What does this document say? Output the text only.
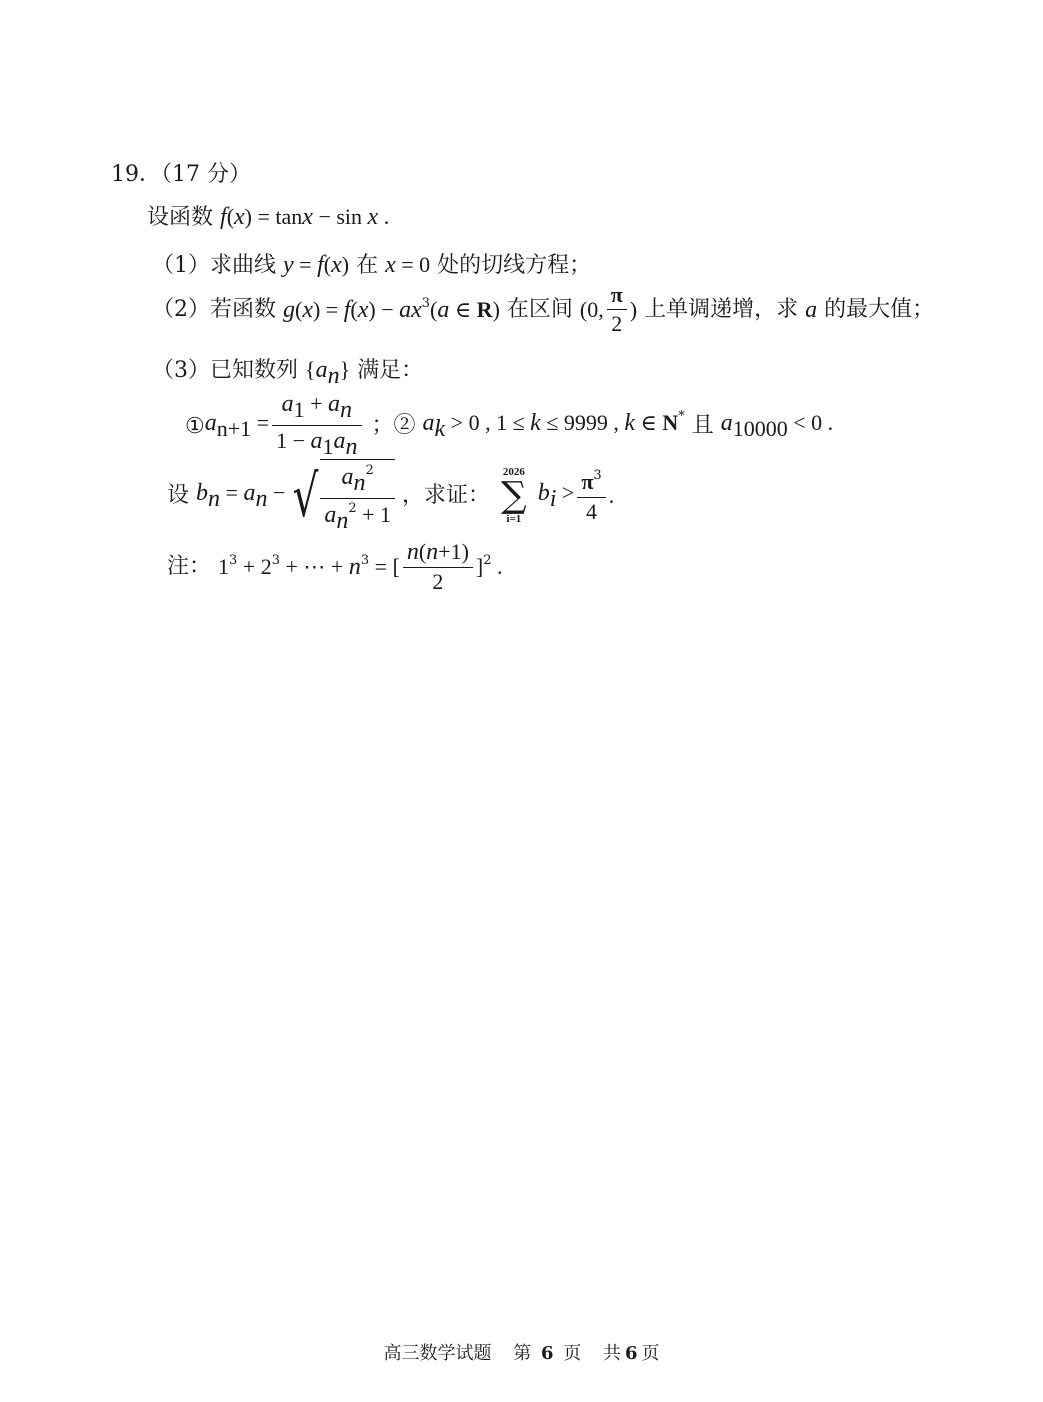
19．（17 分）
设函数 f(x) = tanx − sin x .
（1）求曲线 y = f(x) 在 x = 0 处的切线方程；
（2）若函数 $g(x) = f(x) - ax^3(a$ ∈ R) 在区间 (0, $\frac{\pi}{2}$ ) 上单调递增，求 a 的最大值；
（3）已知数列 $\{a_n\}$ 满足：
$①a_{n+1} = \frac{a_1 + a_n}{1 - a_1a_n}$ ；② $a_k > 0$ , 1 ≤ k ≤ 9999 , k ∈ N* 且 $a_{10000} < 0$ .
设 $b_n = a_n$ −√ $\frac{a_n^2}{a_n^2 + 1}$ ，求证：
2026
∑
i=1
$b_i > \frac{\pi^3}{4}$ .
注： $1^3 + 2^3$ + ⋯ + $n^3$ = [ $\frac{n(n+1)}{2} ]^2$ .
高三数学试题 第 6 页 共 6 页
